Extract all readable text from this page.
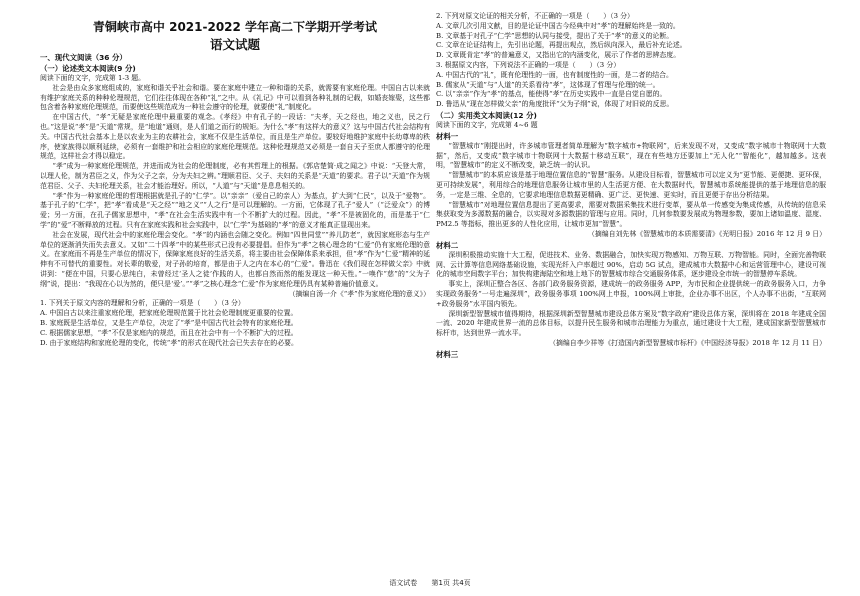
青铜峡市高中 2021-2022 学年高二下学期开学考试
语文试题
一、现代文阅读（36 分）
（一）论述类文本阅读(9 分)
阅读下面的文字，完成第 1-3 题。
社会是由众多家庭组成的，家庭和谐关乎社会和谐。要在家庭中建立一种和谐的关系，就需要有家庭伦理。中国自古以来就有维护家庭关系的种种伦理规范，它们往往体现在各种“礼”之中。从《礼记》中可以看到各种礼制的记载，如婚丧嫁娶，这些都包含着各种家庭伦理规范，而要使这些规范成为一种社会遵守的伦理，就要使“礼”制度化。
在中国古代，“孝”无疑是家庭伦理中最重要的观念。《孝经》中有孔子的一段话：“夫孝，天之经也，地之义也，民之行也。”这是说“孝”是“天道”常规，是“地道”通则，是人们道之而行的规矩。为什么“孝”有这样大的意义？这与中国古代社会结构有关。中国古代社会基本上是以农业为主的农耕社会，家庭不仅是生活单位，而且是生产单位。要较好地维护家庭中长幼尊卑的秩序，使家族得以顺利延续，必须有一套维护和社会相应的家庭伦理规范。这种伦理规范又必须是一套自天子至庶人都遵守的伦理规范，这样社会才得以稳定。
“孝”成为一种家庭伦理规范，并进而成为社会的伦理制度，必有其哲理上的根据。《郭店楚简·成之闻之》中说：“天登大常，以理人伦，制为君臣之义，作为父子之亲，分为夫妇之辨。”理顺君臣、父子、夫妇的关系是“天道”的要求。君子以“天道”作为规范君臣、父子、夫妇伦理关系，社会才能治理好。所以，“人道”与“天道”是息息相关的。
“孝”作为一种家庭伦理的哲理根据就是孔子的“仁学”。以“亲亲”（爱自己的亲人）为基点，扩大到“仁民”，以及于“爱物”。基于孔子的“仁学”，把“孝”看成是“天之经”“地之义”“人之行”是可以理解的。一方面，它体现了孔子“爱人”（“泛爱众”）的博爱；另一方面，在孔子儒家思想中，“孝”在社会生活实践中有一个不断扩大的过程。因此，“孝”不是被固化的，而是基于“仁学”的“爱”不断释放的过程。只有在家庭实践和社会实践中，以“仁学”为基础的“孝”的意义才能真正显现出来。
社会在发展，现代社会中的家庭伦理会变化。“孝”的内涵也会随之变化。例如“四世同堂”“养儿防老”，就因家庭形态与生产单位的逐渐消失而失去意义。又如“二十四孝”中的某些形式已没有必要提倡。但作为“孝”之核心理念的“仁爱”仍有家庭伦理的意义。在家庭而不再是生产单位的情况下，保障家庭良好的生活关系，将主要由社会保障体系来承担，但“孝”作为“仁爱”精神的延伸有不可替代的重要性。对长辈的敬爱，对子孙的培育，都是由于人之内在本心的“仁爱”。鲁迅在《我们现在怎样做父亲》中就讲到：“便在中国，只要心思纯白，未曾经过‘圣人之徒’作践的人，也都自然而然的能发现这一种天性。”一唤作“慈”的“父为子纲”说，提出：“我现在心以为然的，便只是‘爱’。”“孝”之核心理念“仁爱”作为家庭伦理仍具有某种普遍价值意义。
（摘编自汤一介《“孝”作为家庭伦理的意义》）
1. 下列关于原文内容的理解和分析，正确的一项是（　　）（3 分）
A. 中国自古以来注重家庭伦理，把家庭伦理规范置于比社会伦理制度更重要的位置。
B. 家庭既是生活单位，又是生产单位，决定了“孝”是中国古代社会特有的家庭伦理。
C. 根据儒家思想，“孝”不仅是家庭内的规范，而且在社会中有一个不断扩大的过程。
D. 由于家庭结构和家庭伦理的变化，传统“孝”的形式在现代社会已失去存在的必要。
2. 下列对原文论证的相关分析，不正确的一项是（　　）（3 分）
A. 文章几次引用文献，目的是论证中国古今经典中对“孝”的理解始终是一致的。
B. 文章基于对孔子“仁学”思想的认同与接受，提出了关于“孝”的意义的论断。
C. 文章在论证结构上，先引出论题，再提出观点，然后纵向深入，最后补充论述。
D. 文章既肯定“孝”的普遍意义，又指出它的内涵变化，展示了作者的思辨态度。
3. 根据原文内容，下列说法不正确的一项是（　　）（3 分）
A. 中国古代的“礼”，既有伦理性的一面，也有制度性的一面，是二者的结合。
B. 儒家从“天道”与“人道”的关系看待“孝”，这体现了哲理与伦理的统一。
C. 以“亲亲”作为“孝”的基点，能使得“孝”在历史实践中一直是自觉自愿的。
D. 鲁迅从“现在怎样做父亲”的角度批评“父为子纲”说，体现了对旧说的反思。
（二）实用类文本阅读(12 分)
阅读下面的文字，完成第 4~6 题
材料一
“智慧城市”刚提出时，许多城市管理者简单理解为“数字城市+物联网”，后来发现不对，又变成“数字城市十物联网十大数据”，然后，又变成“数字城市十物联网十大数据十移动互联”，现在有些地方还要加上“无人化”“智能化”，越加越多。这表明，“智慧城市”的定义不断改变，缺乏统一的认识。
“智慧城市”的本质应该是基于地理位置信息的“智慧”服务。从建设目标看，智慧城市可以定义为“更节能、更便捷、更环保，更可持续发展”，利用综合的地理信息服务让城市里的人生活更方便、在大数据时代，智慧城市系统能提供的基于地理信息的服务，一定是三维、全息的，它要求地理信息数据更精确、更广泛、更快速、更实时，而且更便于存出分析结果。
“智慧城市”对地理位置信息提出了更高要求，需要对数据采集技术进行变革，要从单一传感变为集成传感，从传统的信息采集获取变为多源数据的融合，以实现对多源数据的管理与应用。同时，几何参数要发展成为物理参数，要加上诸如温度、湿度、PM2.5 等指标，推出更多的人性化应用，让城市更加“智慧”。
（摘编自刘先林《智慧城市的本质需要清》《光明日报》2016 年 12 月 9 日）
材料二
深圳积极推动实施十大工程，促进技术、业务、数据融合，加快实现万物感知、万物互联、万物智能。同时，全面完善物联网、云计算等信息网络基础设施，实现光纤入户率超过 90%，启动 5G 试点，建成城市大数据中心和运营管理中心，建设可视化的城市空间数字平台；加快构建海陆空和地上地下的智慧城市综合交通服务体系，逐步建设全市统一的智慧停车系统。
事实上，深圳正整合各区、各部门政务服务资源，建成统一的政务服务 APP，为市民和企业提供统一的政务服务入口，力争实现政务服务“一号走遍深圳”，政务服务事项 100%网上申报，100%网上审批，企业办事不出区，个人办事不出街，“互联网+政务服务”水平国内领先。
深圳新型智慧城市值得期待，根据深圳新型智慧城市建设总体方案及“数字政府”建设总体方案，深圳将在 2018 年建成全国一流、2020 年建成世界一流的总体目标，以提升民生服务和城市治理能力为重点，通过建设十大工程，建成国家新型智慧城市标杆市，达到世界一流水平。
（摘编自李少祥等《打造国内新型智慧城市标杆》《中国经济导报》2018 年 12 月 11 日）
材料三
语文试卷 第1页 共4页
